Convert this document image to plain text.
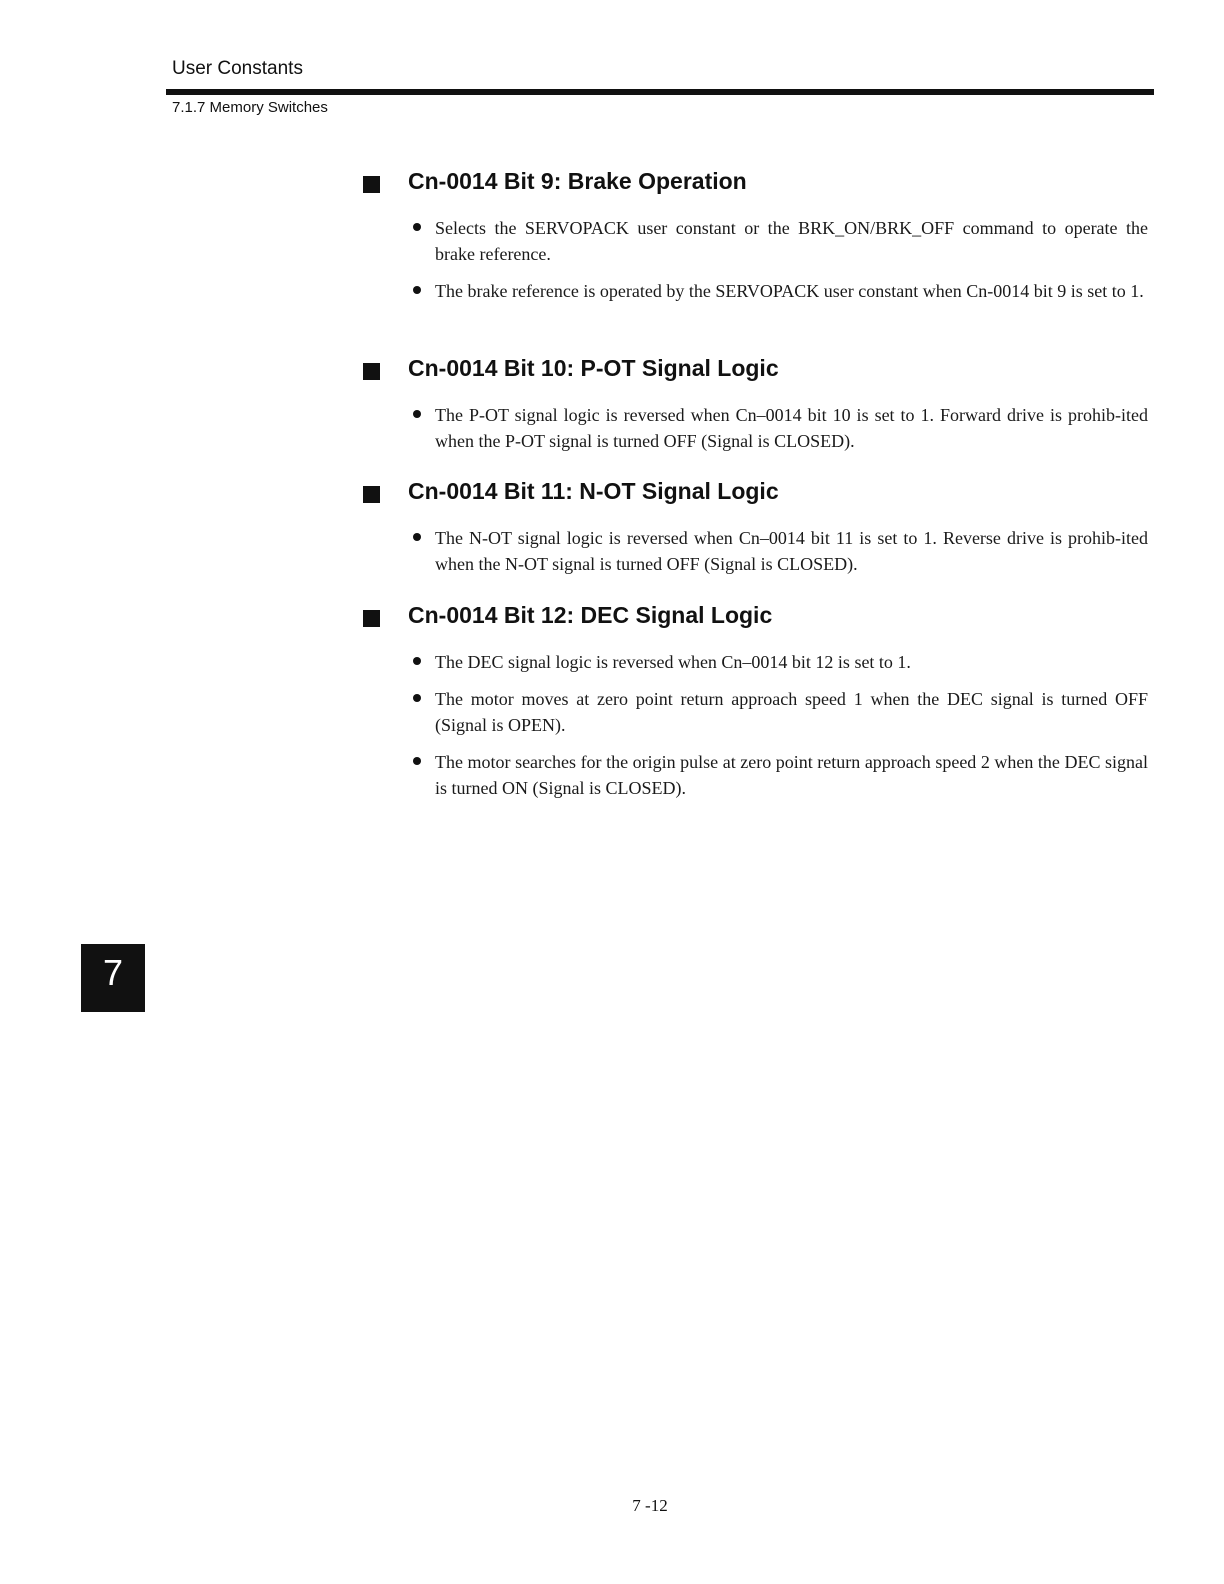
User Constants
7.1.7 Memory Switches
Cn-0014 Bit 9: Brake Operation
Selects the SERVOPACK user constant or the BRK_ON/BRK_OFF command to operate the brake reference.
The brake reference is operated by the SERVOPACK user constant when Cn-0014 bit 9 is set to 1.
Cn-0014 Bit 10: P-OT Signal Logic
The P-OT signal logic is reversed when Cn–0014 bit 10 is set to 1. Forward drive is prohib-ited when the P-OT signal is turned OFF (Signal is CLOSED).
Cn-0014 Bit 11: N-OT Signal Logic
The N-OT signal logic is reversed when Cn–0014 bit 11 is set to 1. Reverse drive is prohib-ited when the N-OT signal is turned OFF (Signal is CLOSED).
Cn-0014 Bit 12: DEC Signal Logic
The DEC signal logic is reversed when Cn–0014 bit 12 is set to 1.
The motor moves at zero point return approach speed 1 when the DEC signal is turned OFF (Signal is OPEN).
The motor searches for the origin pulse at zero point return approach speed 2 when the DEC signal is turned ON (Signal is CLOSED).
7
7 -12
